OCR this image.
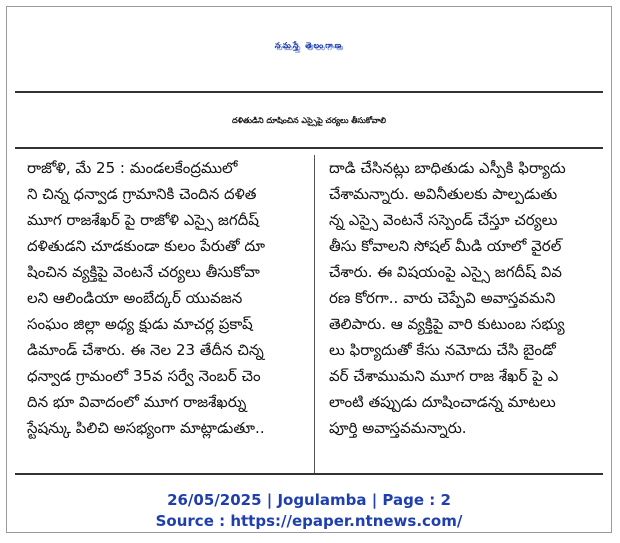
నమస్తే తెలంగాణ
దళితుడిని దూషించిన ఎస్సైపై చర్యలు తీసుకోవాలి
రాజోళి, మే 25 : మండలకేంద్రములో
ని చిన్న ధన్వాడ గ్రామానికి చెందిన దళిత
మూగ రాజశేఖర్ పై రాజోళి ఎస్సై జగదీష్
దళితుడని చూడకుండా కులం పేరుతో దూ
షించిన వ్యక్తిపై వెంటనే చర్యలు తీసుకోవా
లని ఆలిండియా అంబేద్కర్ యువజన
సంఘం జిల్లా అధ్య క్షుడు మాచర్ల ప్రకాష్
డిమాండ్ చేశారు. ఈ నెల 23 తేదీన చిన్న
ధన్వాడ గ్రామంలో 35వ సర్వే నెంబర్ చెం
దిన భూ వివాదంలో మూగ రాజశేఖర్ను
స్టేషన్కు పిలిచి అసభ్యంగా మాట్లాడుతూ..
దాడి చేసినట్లు బాధితుడు ఎస్పీకి ఫిర్యాదు
చేశామన్నారు. అవినీతులకు పాల్పడుతు
న్న ఎస్సై వెంటనే సస్పెండ్ చేస్తూ చర్యలు
తీసు కోవాలని సోషల్ మీడి యాలో వైరల్
చేశారు. ఈ విషయంపై ఎస్సై జగదీష్ వివ
రణ కోరగా.. వారు చెప్పేవి అవాస్తవమని
తెలిపారు. ఆ వ్యక్తిపై వారి కుటుంబ సభ్యు
లు ఫిర్యాదుతో కేసు నమోదు చేసి బైండో
వర్ చేశాముమని మూగ రాజ శేఖర్ పై ఎ
లాంటి తప్పుడు దూషించాడన్న మాటలు
పూర్తి అవాస్తవమన్నారు.
26/05/2025 | Jogulamba | Page : 2
Source : https://epaper.ntnews.com/
